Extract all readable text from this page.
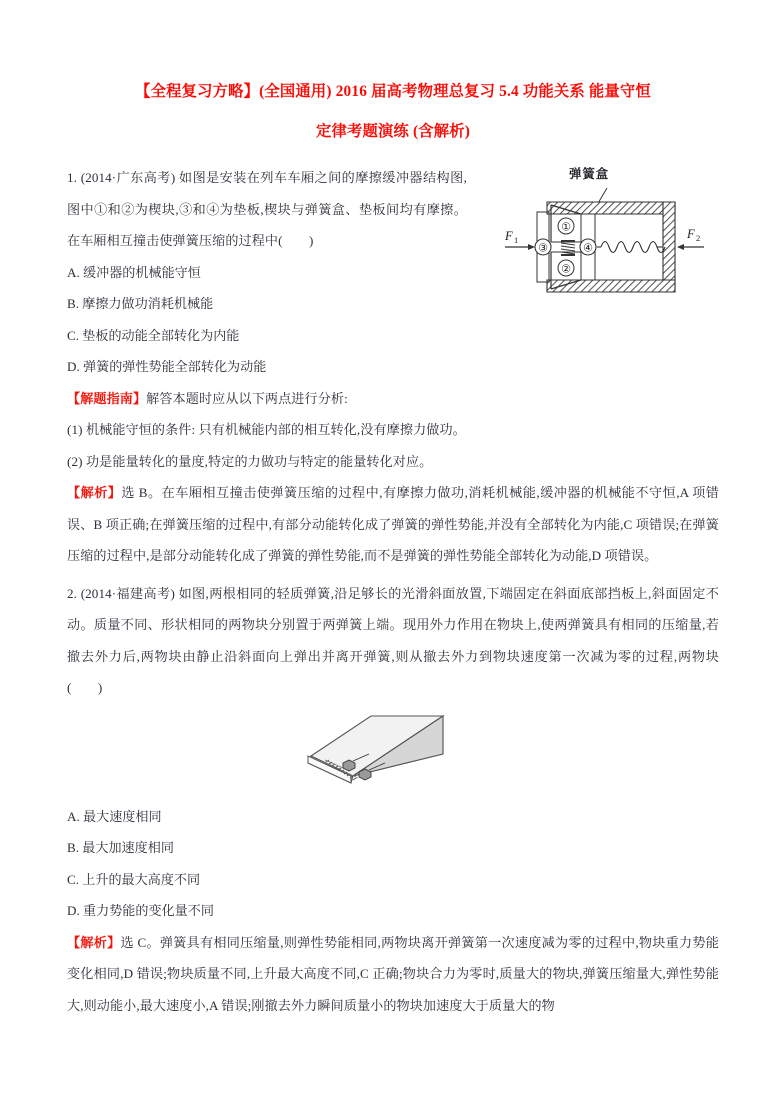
【全程复习方略】(全国通用) 2016 届高考物理总复习 5.4 功能关系 能量守恒
定律考题演练 (含解析)
弹簧盒
①
②
③	④
F 1	F 2
1. (2014·广东高考) 如图是安装在列车车厢之间的摩擦缓冲器结构图,图中①和②为楔块,③和④为垫板,楔块与弹簧盒、垫板间均有摩擦。在车厢相互撞击使弹簧压缩的过程中(　　)
A. 缓冲器的机械能守恒
B. 摩擦力做功消耗机械能
C. 垫板的动能全部转化为内能
D. 弹簧的弹性势能全部转化为动能
【解题指南】解答本题时应从以下两点进行分析:
(1) 机械能守恒的条件: 只有机械能内部的相互转化,没有摩擦力做功。
(2) 功是能量转化的量度,特定的力做功与特定的能量转化对应。
【解析】选 B。在车厢相互撞击使弹簧压缩的过程中,有摩擦力做功,消耗机械能,缓冲器的机械能不守恒,A 项错误、B 项正确;在弹簧压缩的过程中,有部分动能转化成了弹簧的弹性势能,并没有全部转化为内能,C 项错误;在弹簧压缩的过程中,是部分动能转化成了弹簧的弹性势能,而不是弹簧的弹性势能全部转化为动能,D 项错误。
2. (2014·福建高考) 如图,两根相同的轻质弹簧,沿足够长的光滑斜面放置,下端固定在斜面底部挡板上,斜面固定不动。质量不同、形状相同的两物块分别置于两弹簧上端。现用外力作用在物块上,使两弹簧具有相同的压缩量,若撤去外力后,两物块由静止沿斜面向上弹出并离开弹簧,则从撤去外力到物块速度第一次减为零的过程,两物块(　　)
A. 最大速度相同
B. 最大加速度相同
C. 上升的最大高度不同
D. 重力势能的变化量不同
【解析】选 C。弹簧具有相同压缩量,则弹性势能相同,两物块离开弹簧第一次速度减为零的过程中,物块重力势能变化相同,D 错误;物块质量不同,上升最大高度不同,C 正确;物块合力为零时,质量大的物块,弹簧压缩量大,弹性势能大,则动能小,最大速度小,A 错误;刚撤去外力瞬间质量小的物块加速度大于质量大的物
